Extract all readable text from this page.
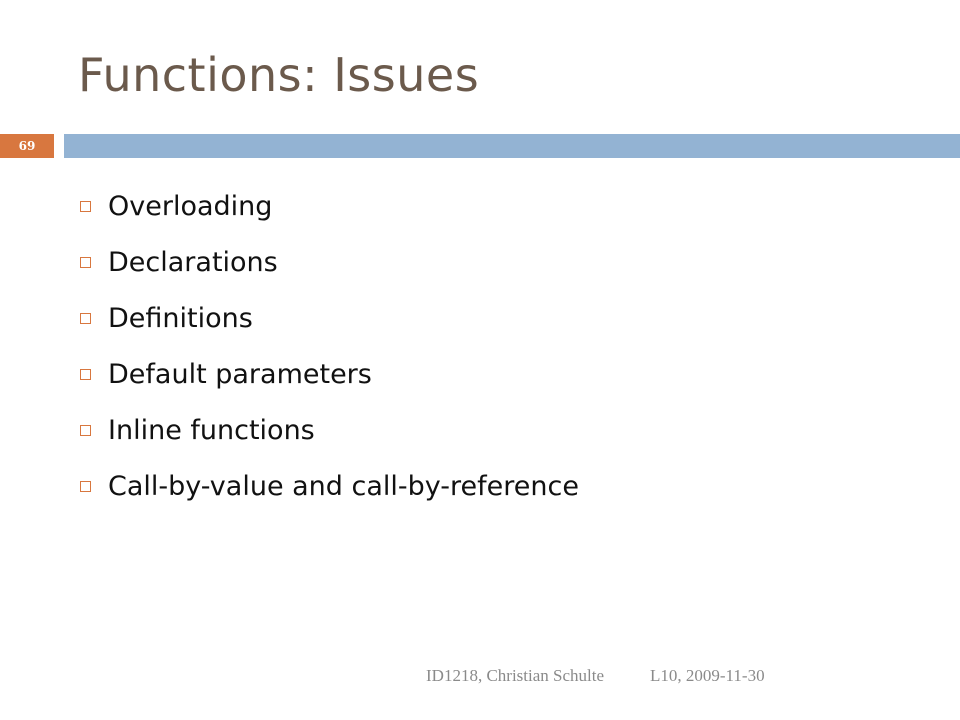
Functions: Issues
69
Overloading
Declarations
Definitions
Default parameters
Inline functions
Call-by-value and call-by-reference
ID1218, Christian Schulte	L10, 2009-11-30
